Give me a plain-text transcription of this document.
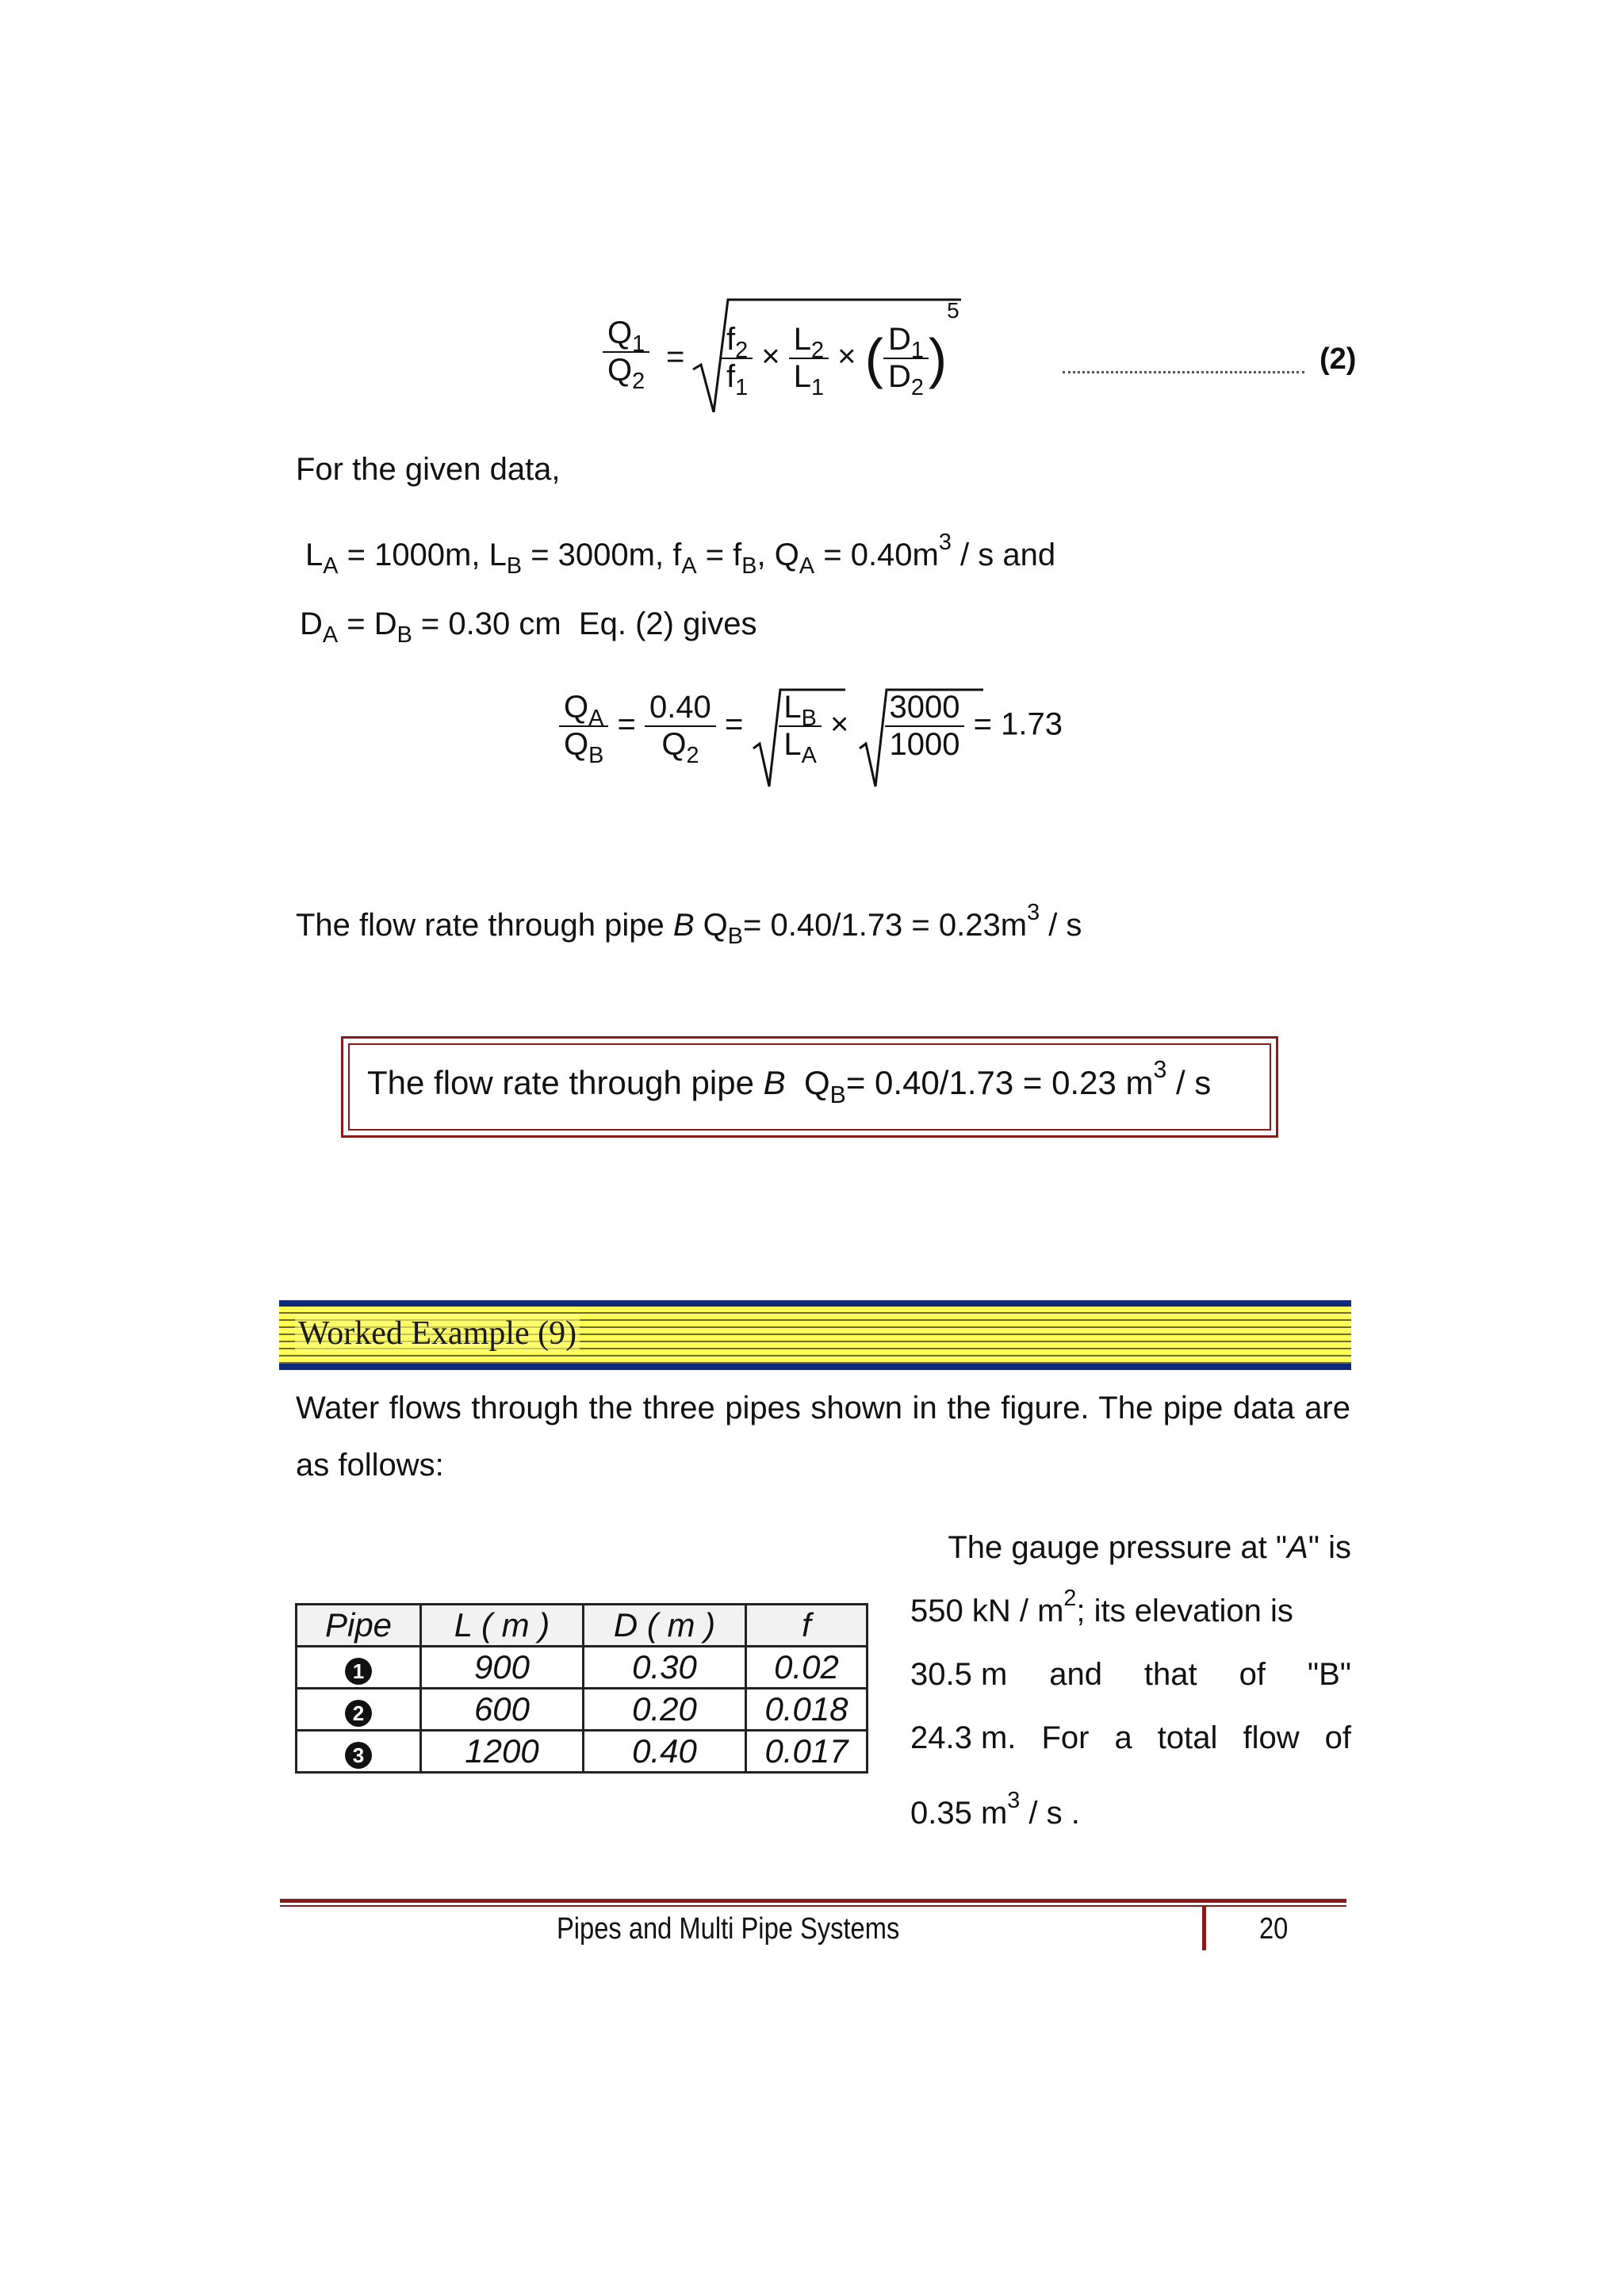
$\frac{Q_1}{Q_2} = \frac{f_2}{f_1} \times \frac{L_2}{L_1}$ × ( $\frac{D_1}{D_2} )^5$
(2)
For the given data,
$L_A = 1000m$, $L_B = 3000m$, $f_A = f_B$, $Q_A = 0.40m^3 / s$ and
$D_A = D_B = 0.30$ cm Eq. (2) gives
$\frac{Q_A}{Q_B} = \frac{0.40}{Q_2} = \frac{L_B}{L_A} \times \frac{3000}{1000} = 1.73$
The flow rate through pipe B $Q_B= 0.40/1.73 = 0.23m^3 / s$
The flow rate through pipe B $Q_B= 0.40/1.73 = 0.23$ $m^3$ / s
Worked Example (9)
Water flows through the three pipes shown in the figure. The pipe data are as follows:
Pipe	L ( m )	D ( m )	f
1	900	0.30	0.02
2	600	0.20	0.018
3	1200	0.40	0.017
The gauge pressure at "A" is
550 kN / $m^2$; its elevation is
30.5 m and that of "B"
24.3 m. For a total flow of
0.35 $m^3$ / s .
Pipes and Multi Pipe Systems	20
